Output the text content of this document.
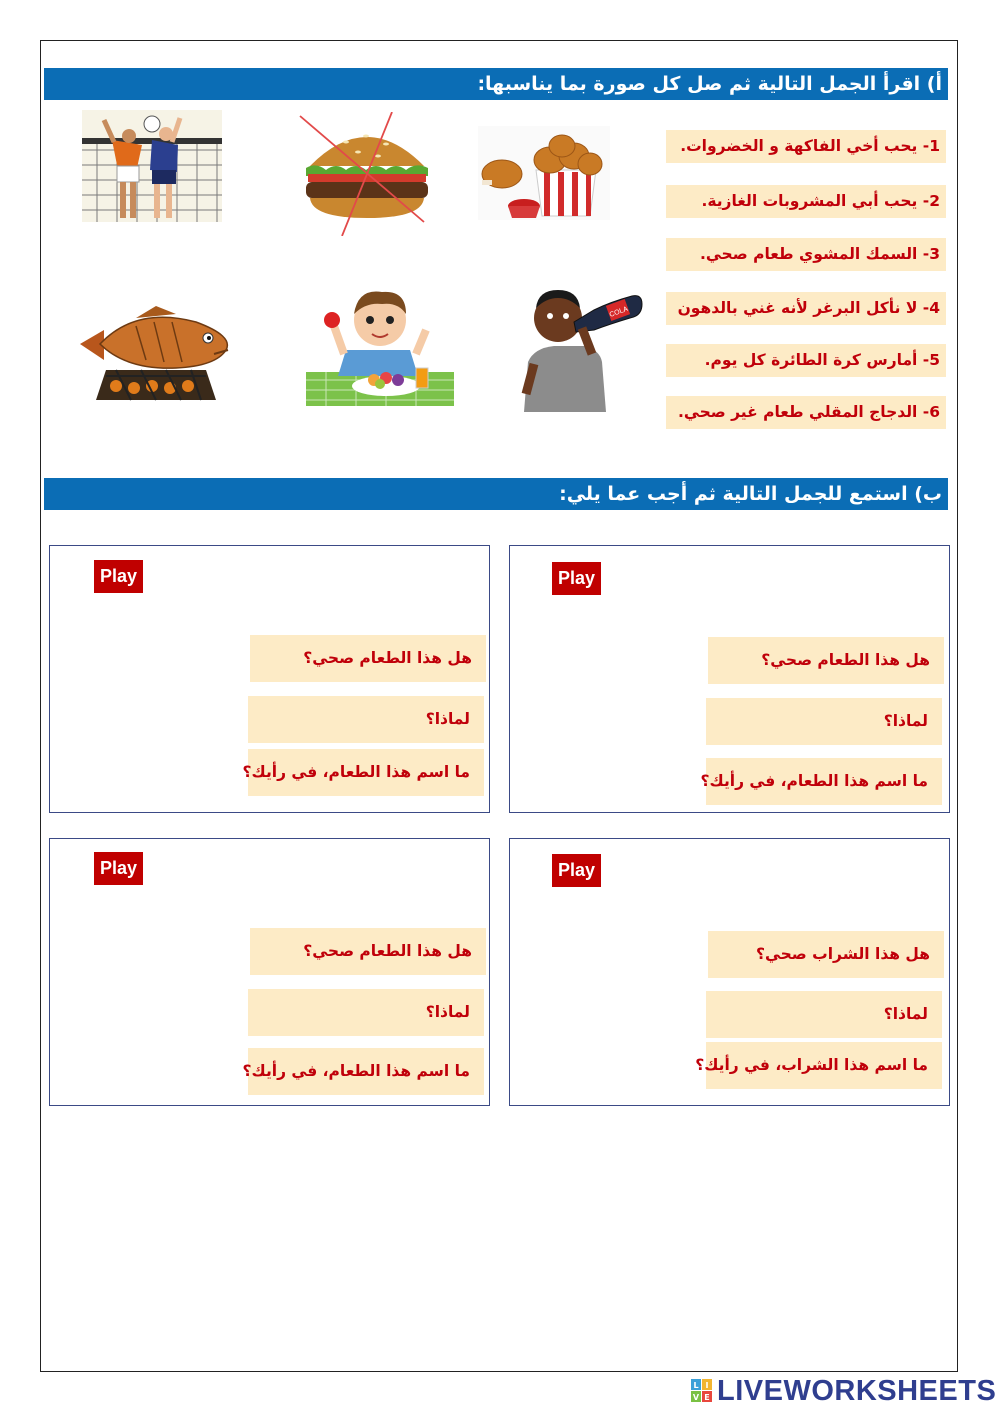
أ) اقرأ الجمل التالية ثم صل كل صورة بما يناسبها:
1- يحب أخي الفاكهة و الخضروات.
2- يحب أبي المشروبات الغازية.
3- السمك المشوي طعام صحي.
4- لا نأكل البرغر لأنه غني بالدهون
5- أمارس كرة الطائرة كل يوم.
6- الدجاج المقلي طعام غير صحي.
COLA
ب) استمع للجمل التالية ثم أجب عما يلي:
Play
هل هذا الطعام صحي؟
لماذا؟
ما اسم هذا الطعام، في رأيك؟
Play
هل هذا الطعام صحي؟
لماذا؟
ما اسم هذا الطعام، في رأيك؟
Play
هل هذا الشراب صحي؟
لماذا؟
ما اسم هذا الشراب، في رأيك؟
Play
هل هذا الطعام صحي؟
لماذا؟
ما اسم هذا الطعام، في رأيك؟
L I
V E LIVEWORKSHEETS
